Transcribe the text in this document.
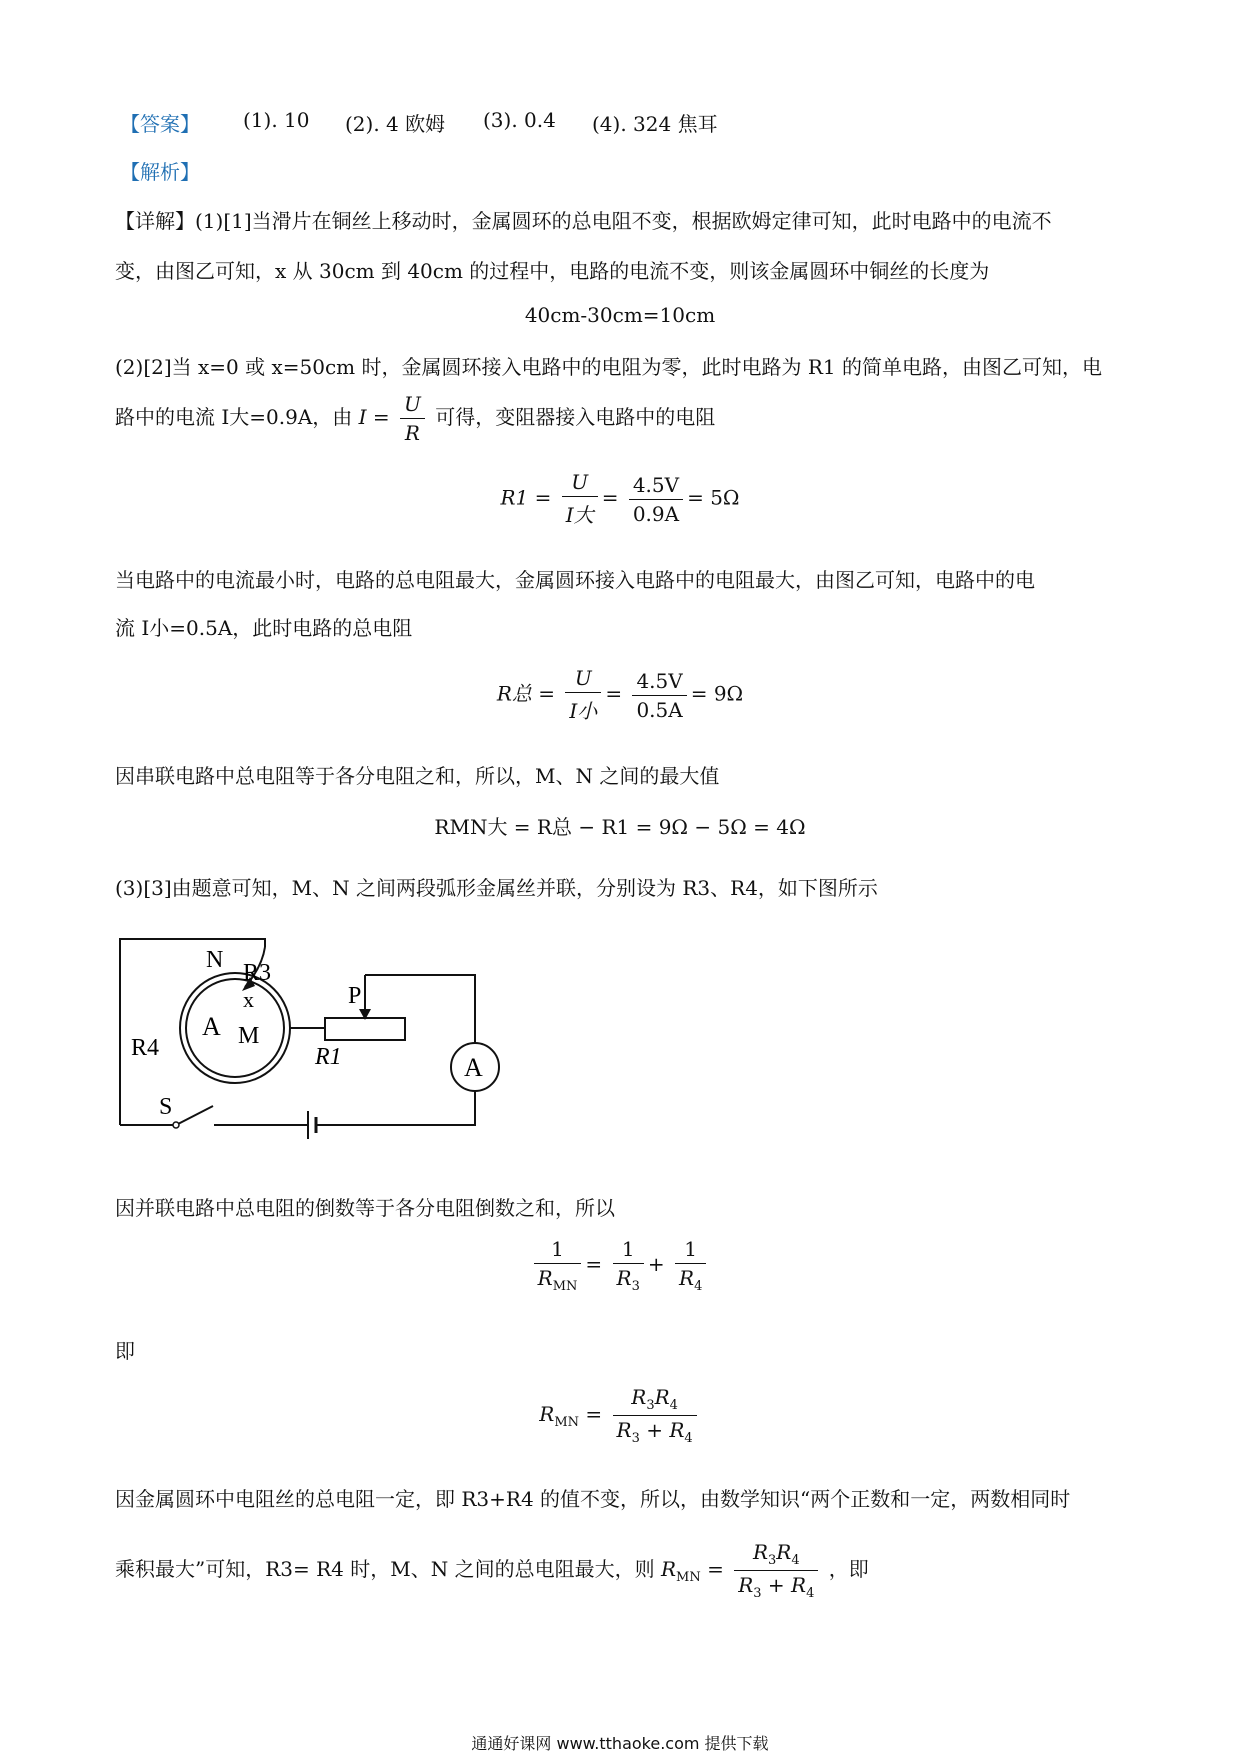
【答案】 (1). 10 (2). 4 欧姆 (3). 0.4 (4). 324 焦耳
【解析】
【详解】(1)[1]当滑片在铜丝上移动时，金属圆环的总电阻不变，根据欧姆定律可知，此时电路中的电流不
变，由图乙可知，x 从 30cm 到 40cm 的过程中，电路的电流不变，则该金属圆环中铜丝的长度为
40cm-30cm=10cm
(2)[2]当 x=0 或 x=50cm 时，金属圆环接入电路中的电阻为零，此时电路为 R1 的简单电路，由图乙可知，电
路中的电流 I大=0.9A，由 $I = \frac{U}{R}$ 可得，变阻器接入电路中的电阻
$R1 = \frac{U}{\text{I大}} = \frac{4.5V}{0.9A} = 5\Omega$
当电路中的电流最小时，电路的总电阻最大，金属圆环接入电路中的电阻最大，由图乙可知，电路中的电
流 I小=0.5A，此时电路的总电阻
R总 = $\frac{U}{\text{I小}} = \frac{4.5V}{0.5A} = 9\Omega$
因串联电路中总电阻等于各分电阻之和，所以，M、N 之间的最大值
RMN大 = R总 − R1 = 9Ω − 5Ω = 4Ω
(3)[3]由题意可知，M、N 之间两段弧形金属丝并联，分别设为 R3、R4，如下图所示
N R3
x	P
A M
R4	R1	A
S
因并联电路中总电阻的倒数等于各分电阻倒数之和，所以
$\frac{1}{R_{MN}} = \frac{1}{R_3} + \frac{1}{R_4}$
即
$R_{MN} = \frac{R_3R_4}{R_3 + R_4}$
因金属圆环中电阻丝的总电阻一定，即 R3+R4 的值不变，所以，由数学知识“两个正数和一定，两数相同时
乘积最大”可知，R3= R4 时，M、N 之间的总电阻最大，则 $R_{MN} = \frac{R_3R_4}{R_3 + R_4}$ ，即
通通好课网 www.tthaoke.com 提供下载
